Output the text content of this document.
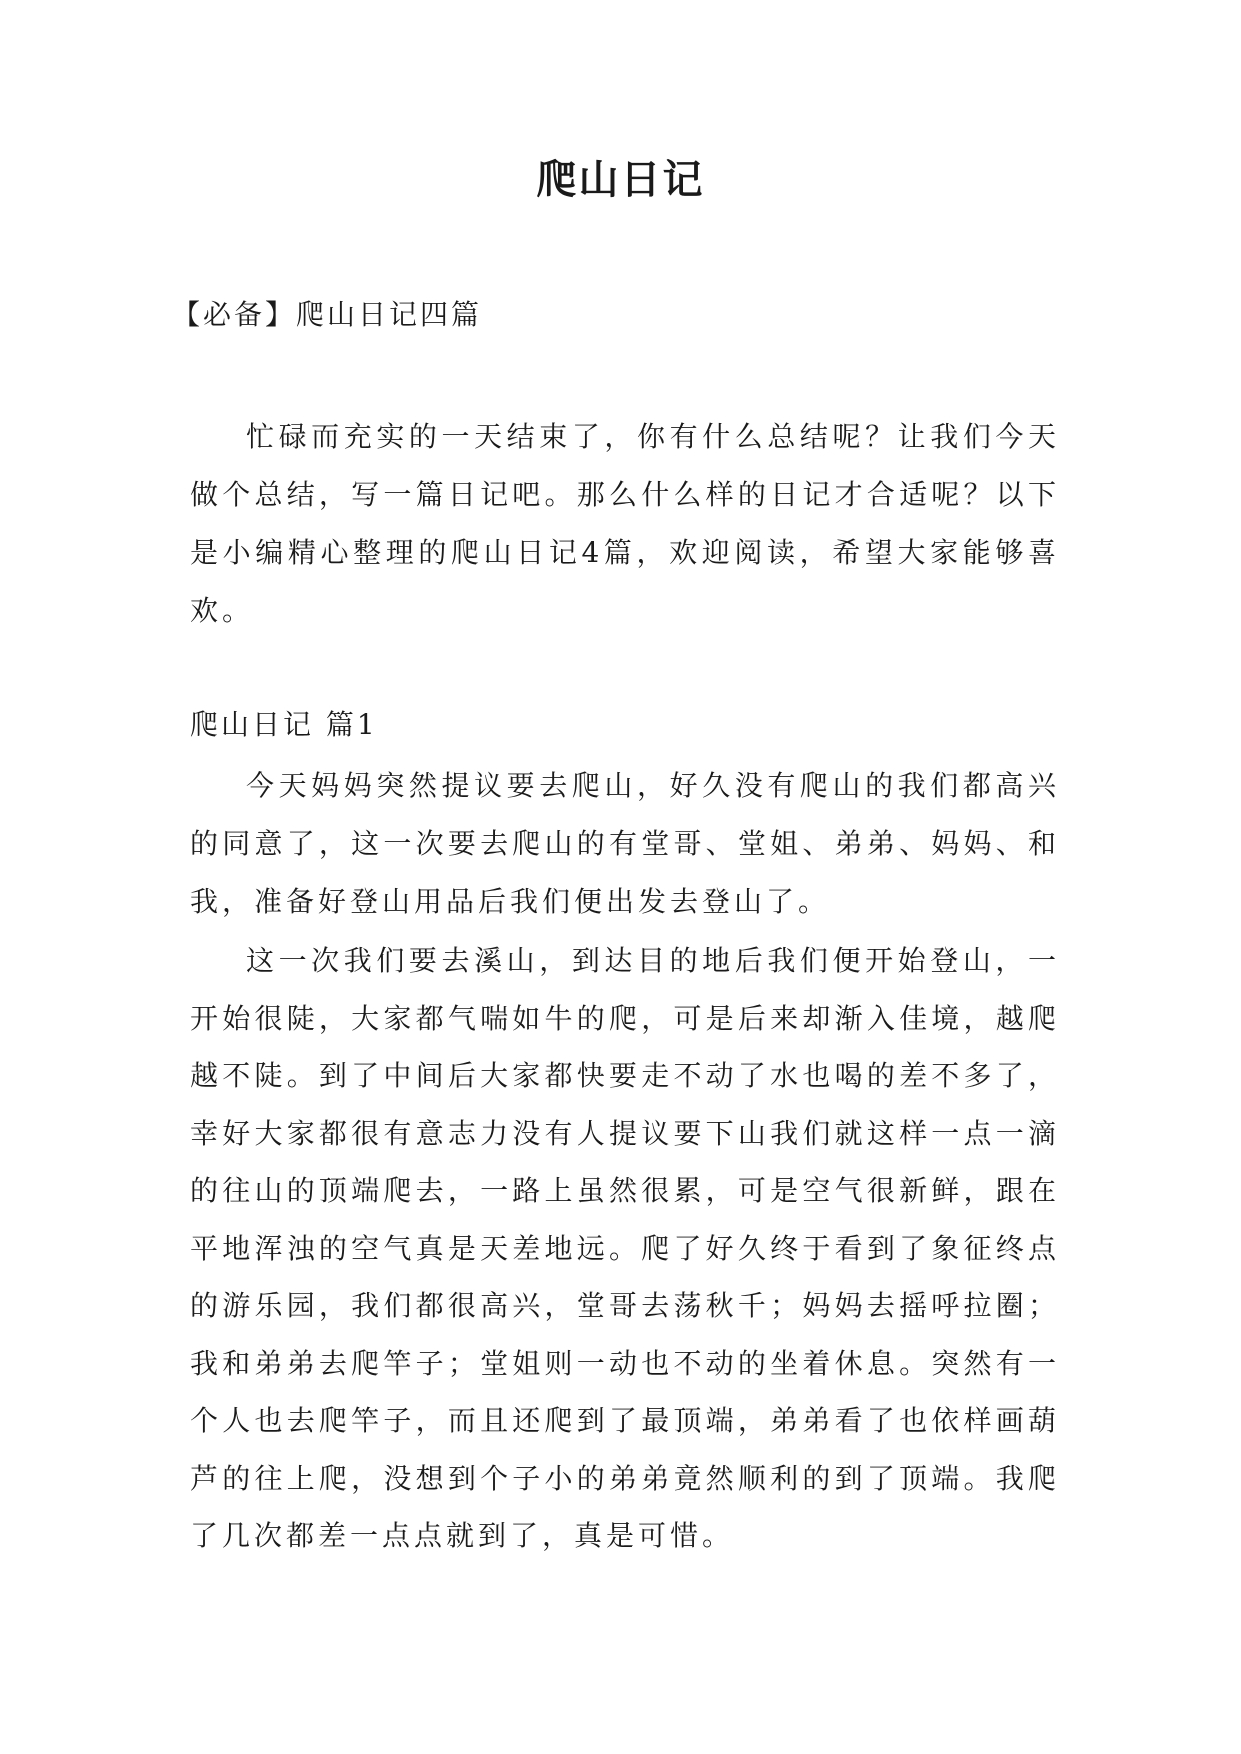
爬山日记
【必备】爬山日记四篇

忙碌而充实的一天结束了，你有什么总结呢？让我们今天做个总结，写一篇日记吧。那么什么样的日记才合适呢？以下是小编精心整理的爬山日记4篇，欢迎阅读，希望大家能够喜欢。

爬山日记 篇1

今天妈妈突然提议要去爬山，好久没有爬山的我们都高兴的同意了，这一次要去爬山的有堂哥、堂姐、弟弟、妈妈、和我，准备好登山用品后我们便出发去登山了。

这一次我们要去溪山，到达目的地后我们便开始登山，一开始很陡，大家都气喘如牛的爬，可是后来却渐入佳境，越爬越不陡。到了中间后大家都快要走不动了水也喝的差不多了，幸好大家都很有意志力没有人提议要下山我们就这样一点一滴的往山的顶端爬去，一路上虽然很累，可是空气很新鲜，跟在平地浑浊的空气真是天差地远。爬了好久终于看到了象征终点的游乐园，我们都很高兴，堂哥去荡秋千；妈妈去摇呼拉圈；我和弟弟去爬竿子；堂姐则一动也不动的坐着休息。突然有一个人也去爬竿子，而且还爬到了最顶端，弟弟看了也依样画葫芦的往上爬，没想到个子小的弟弟竟然顺利的到了顶端。我爬了几次都差一点点就到了，真是可惜。
